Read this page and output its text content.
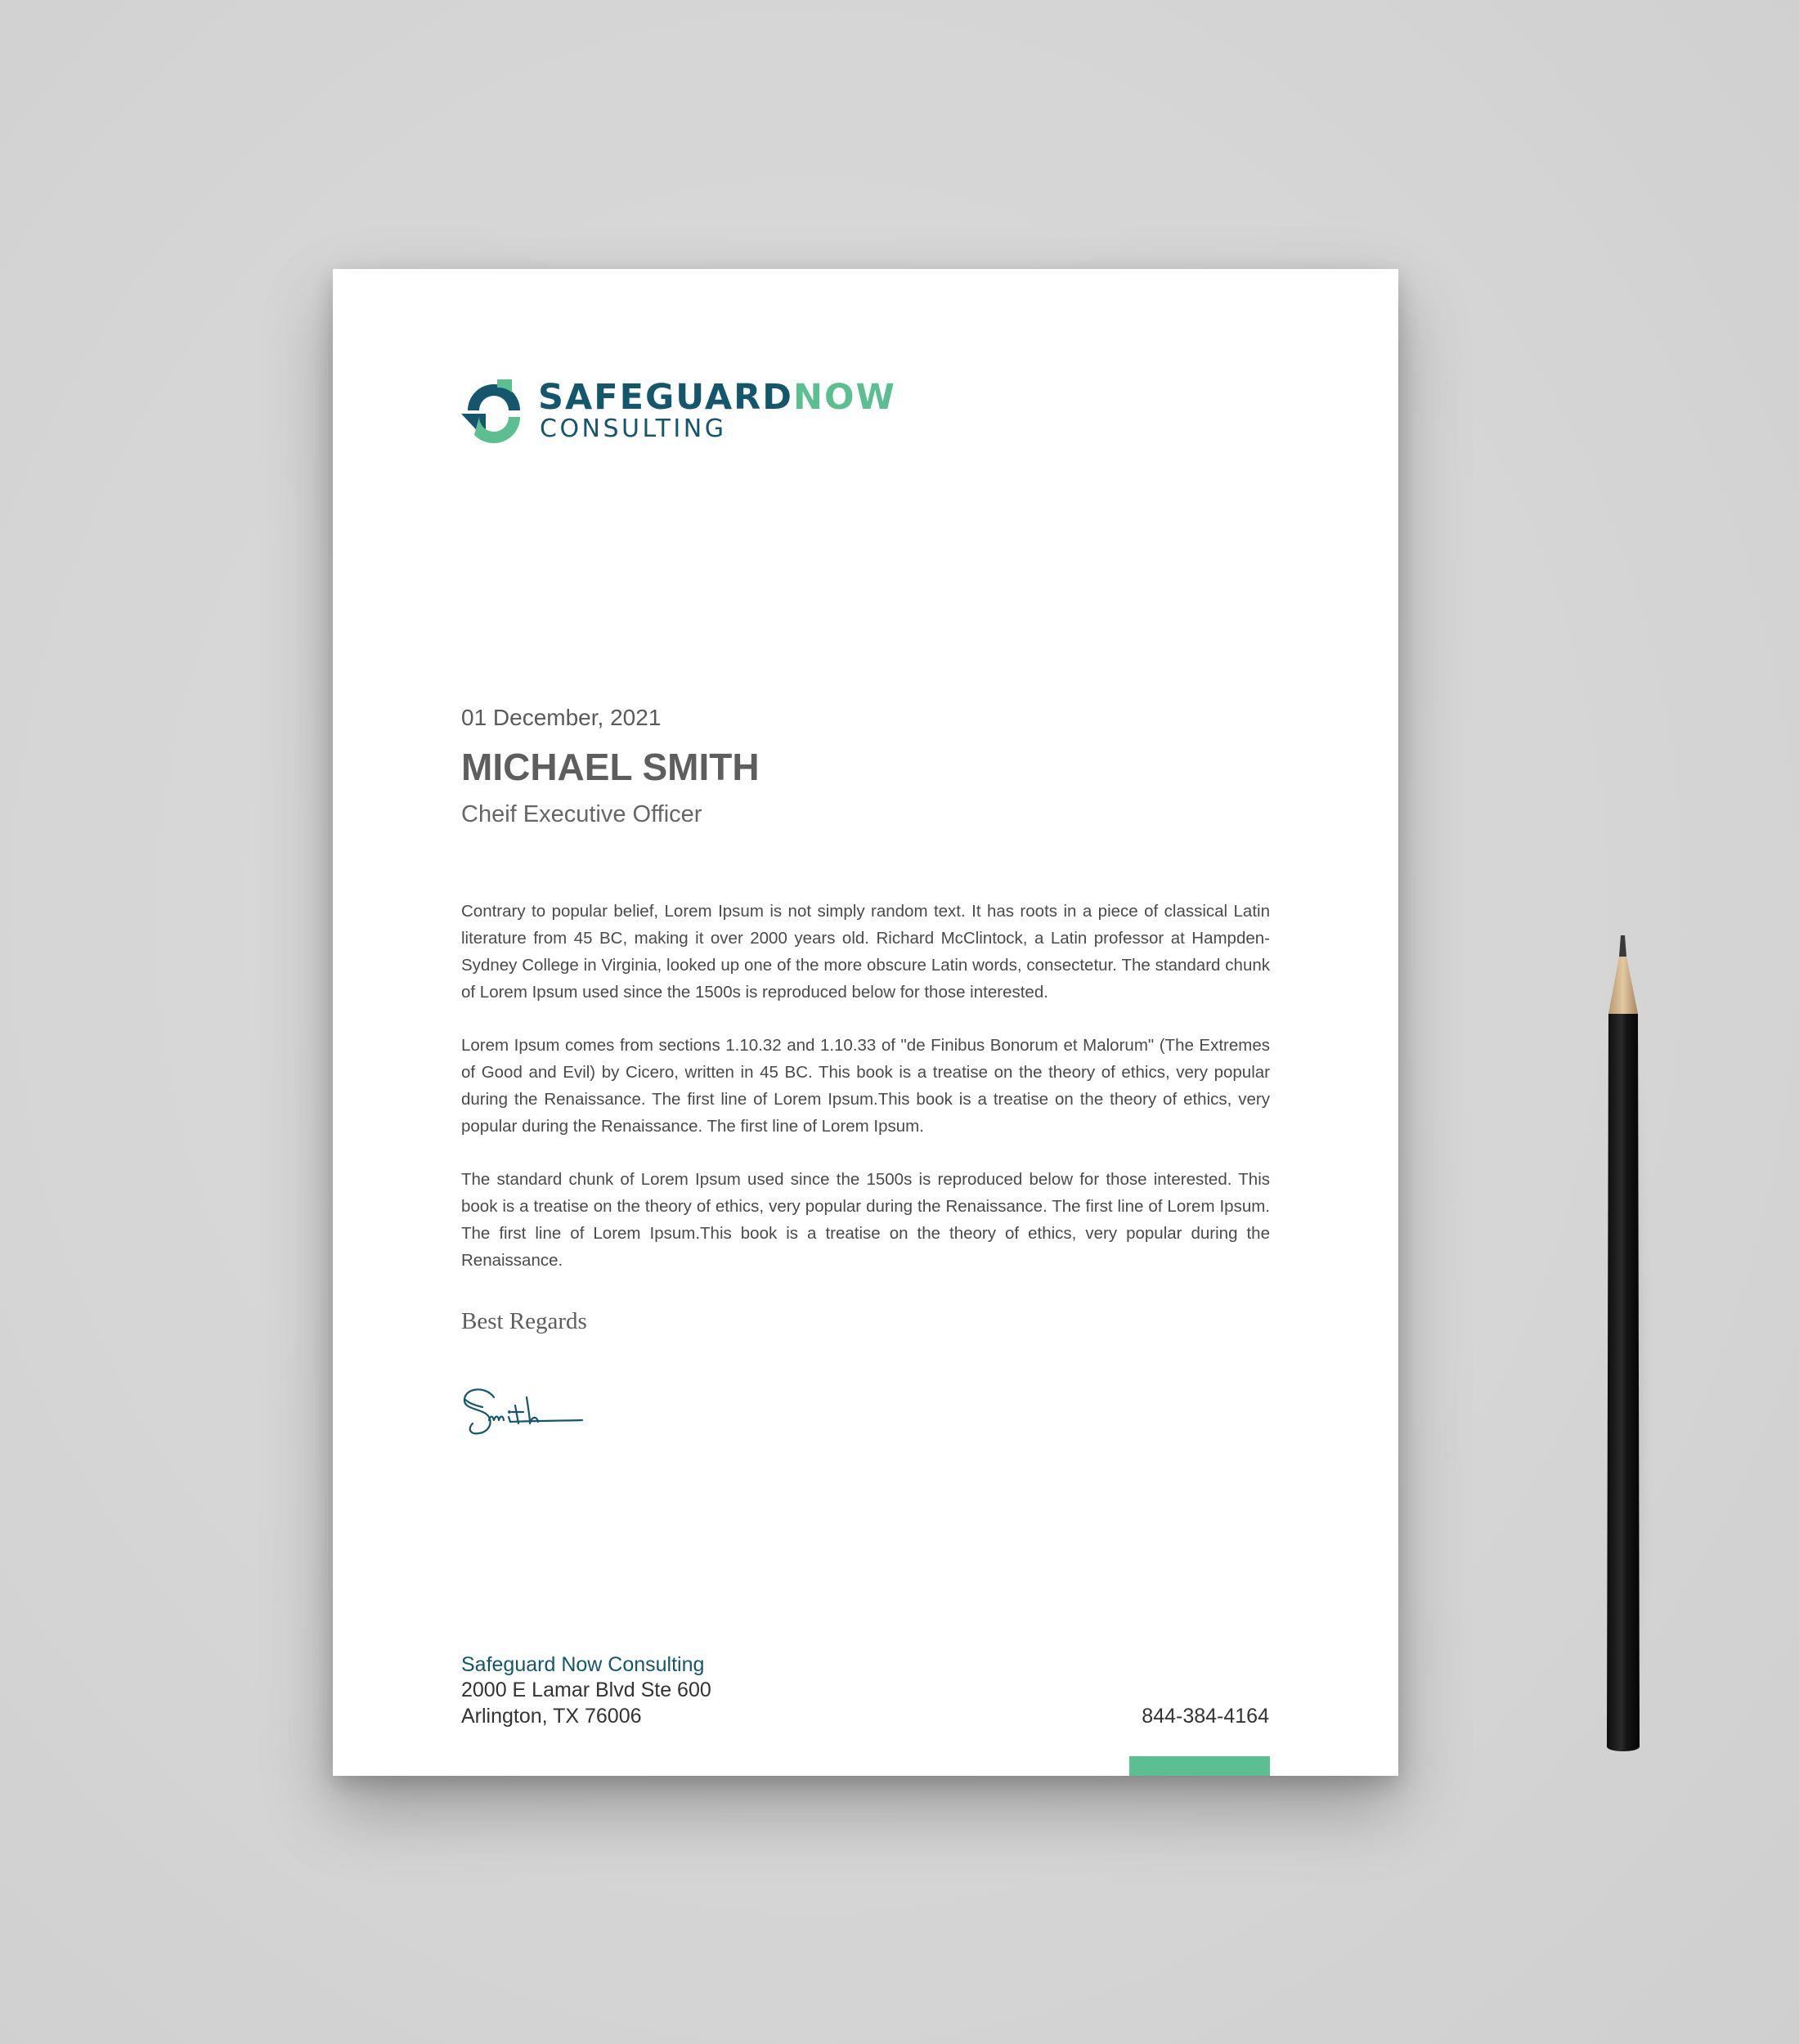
SAFEGUARDNOW
CONSULTING
01 December, 2021
MICHAEL SMITH
Cheif Executive Officer

Contrary to popular belief, Lorem Ipsum is not simply random text. It has roots in a piece of classical Latin literature from 45 BC, making it over 2000 years old. Richard McClintock, a Latin professor at Hampden-Sydney College in Virginia, looked up one of the more obscure Latin words, consectetur. The standard chunk of Lorem Ipsum used since the 1500s is reproduced below for those interested.

Lorem Ipsum comes from sections 1.10.32 and 1.10.33 of "de Finibus Bonorum et Malorum" (The Extremes of Good and Evil) by Cicero, written in 45 BC. This book is a treatise on the theory of ethics, very popular during the Renaissance. The first line of Lorem Ipsum.This book is a treatise on the theory of ethics, very popular during the Renaissance. The first line of Lorem Ipsum.

The standard chunk of Lorem Ipsum used since the 1500s is reproduced below for those interested. This book is a treatise on the theory of ethics, very popular during the Renaissance. The first line of Lorem Ipsum. The first line of Lorem Ipsum.This book is a treatise on the theory of ethics, very popular during the Renaissance.

Best Regards
Safeguard Now Consulting
2000 E Lamar Blvd Ste 600
Arlington, TX 76006	844-384-4164
